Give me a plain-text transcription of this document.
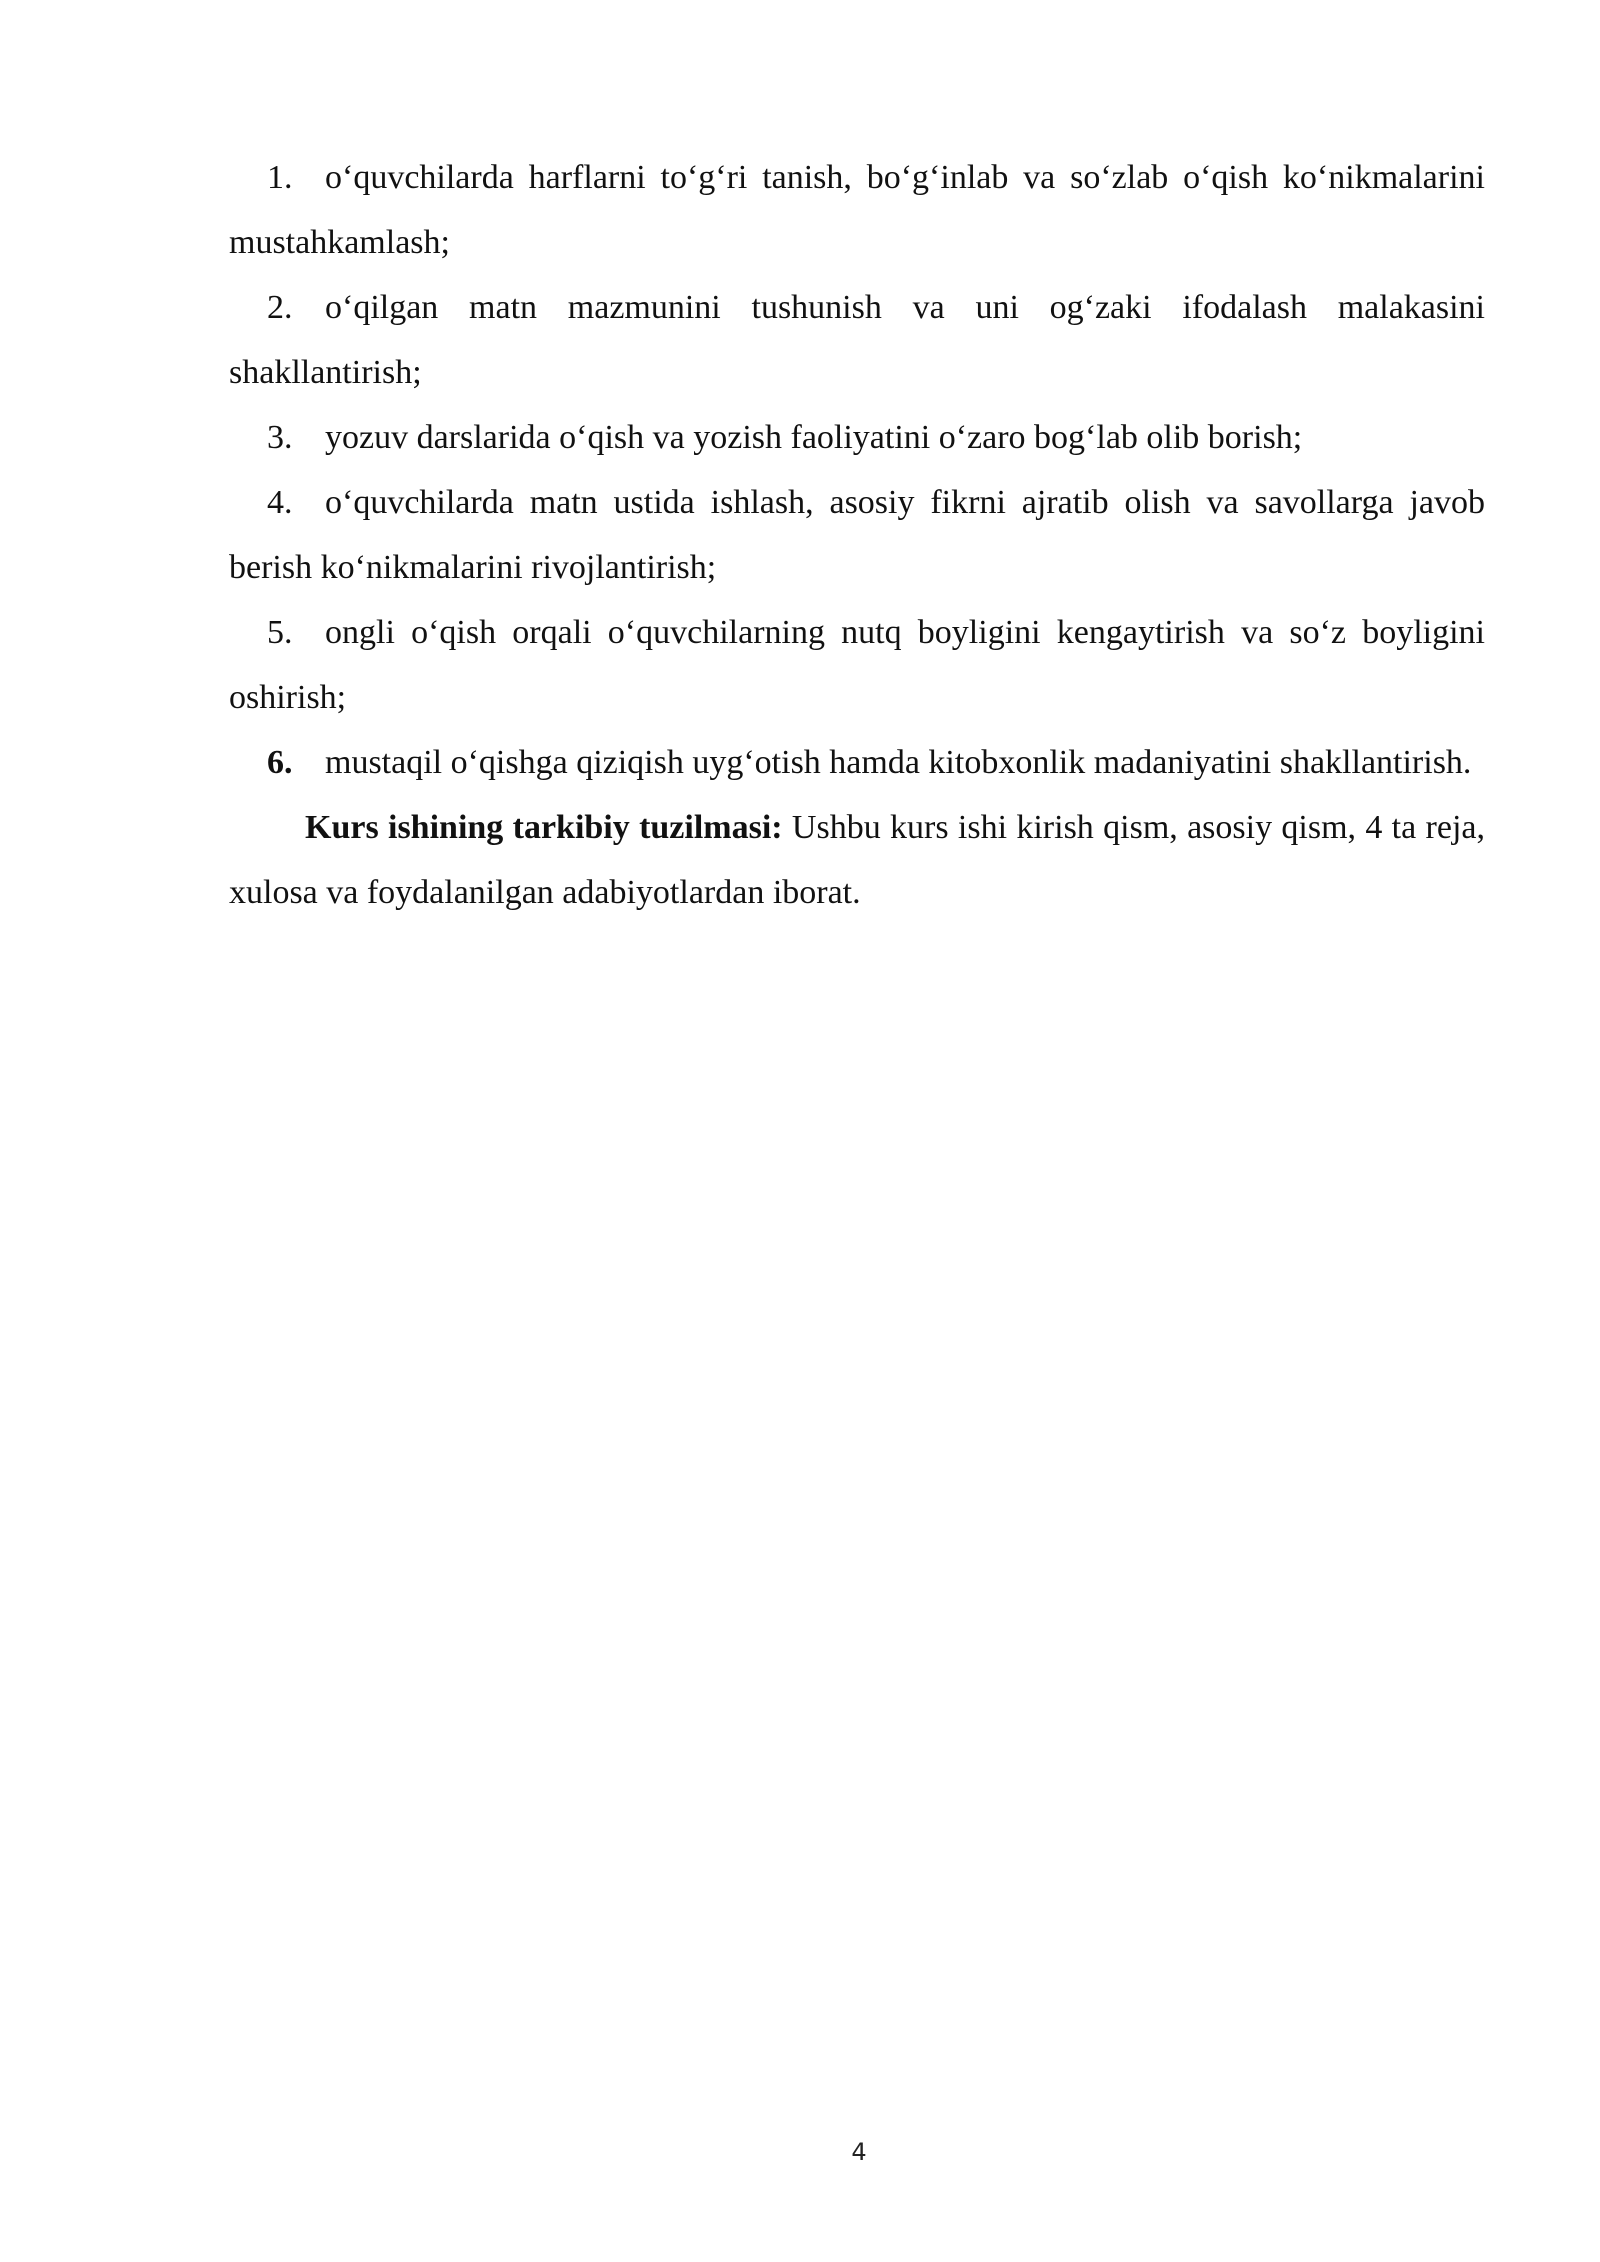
1. o‘quvchilarda harflarni to‘g‘ri tanish, bo‘g‘inlab va so‘zlab o‘qish ko‘nikmalarini mustahkamlash;

2. o‘qilgan matn mazmunini tushunish va uni og‘zaki ifodalash malakasini shakllantirish;

3. yozuv darslarida o‘qish va yozish faoliyatini o‘zaro bog‘lab olib borish;

4. o‘quvchilarda matn ustida ishlash, asosiy fikrni ajratib olish va savollarga javob berish ko‘nikmalarini rivojlantirish;

5. ongli o‘qish orqali o‘quvchilarning nutq boyligini kengaytirish va so‘z boyligini oshirish;

6. mustaqil o‘qishga qiziqish uyg‘otish hamda kitobxonlik madaniyatini shakllantirish.

Kurs ishining tarkibiy tuzilmasi: Ushbu kurs ishi kirish qism, asosiy qism, 4 ta reja, xulosa va foydalanilgan adabiyotlardan iborat.

4
